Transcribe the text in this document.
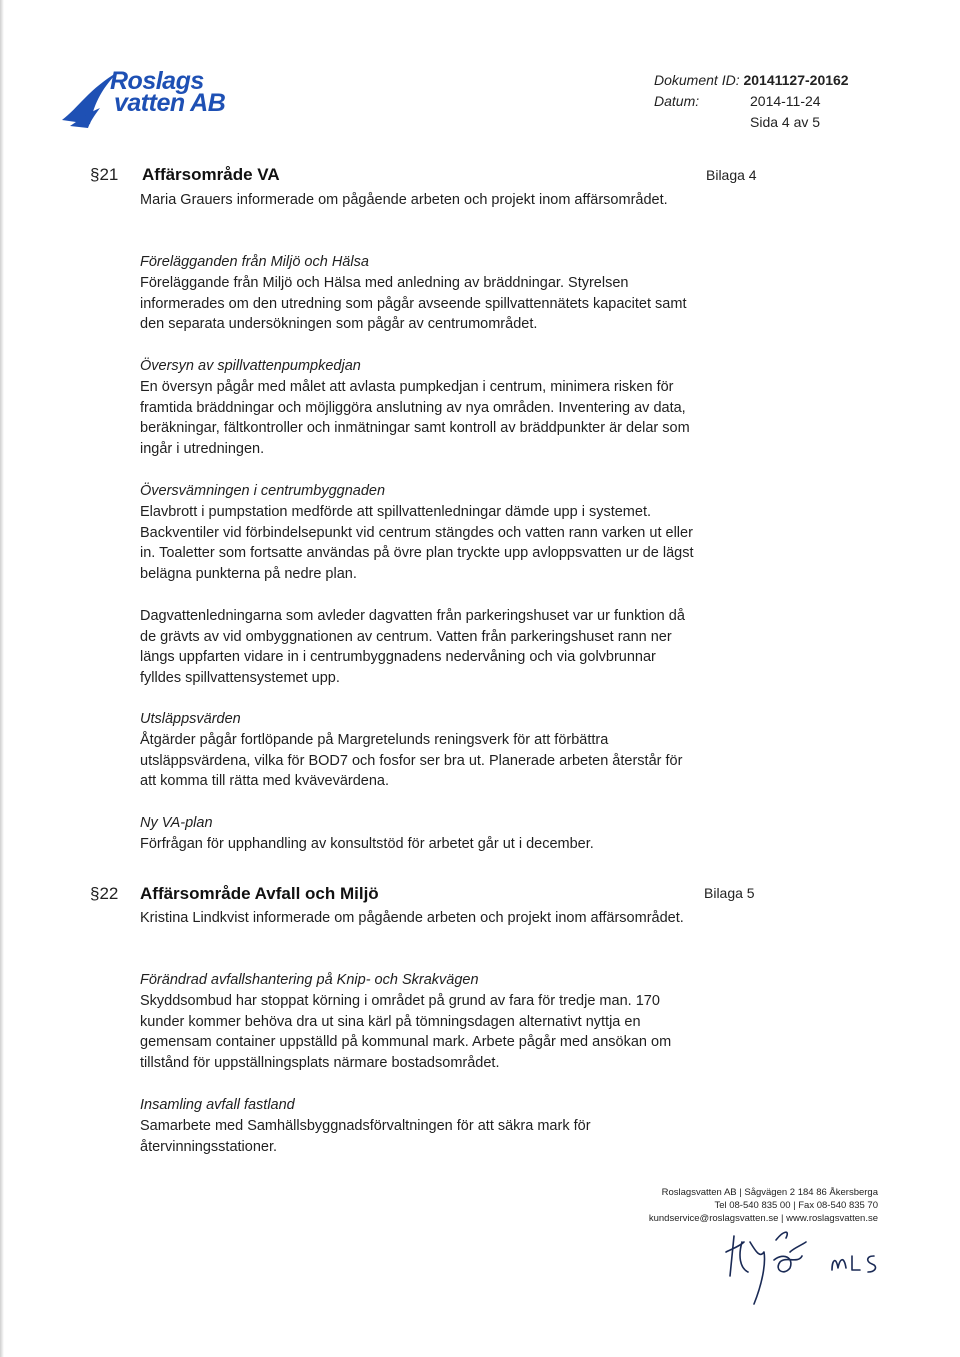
Roslags
vatten AB
Dokument ID: 20141127-20162
Datum:	2014-11-24
Sida 4 av 5
§21 Affärsområde VA	Bilaga 4

Maria Grauers informerade om pågående arbeten och projekt inom affärsområdet.

Förelägganden från Miljö och Hälsa

Föreläggande från Miljö och Hälsa med anledning av bräddningar. Styrelsen informerades om den utredning som pågår avseende spillvattennätets kapacitet samt den separata undersökningen som pågår av centrumområdet.

Översyn av spillvattenpumpkedjan

En översyn pågår med målet att avlasta pumpkedjan i centrum, minimera risken för framtida bräddningar och möjliggöra anslutning av nya områden. Inventering av data, beräkningar, fältkontroller och inmätningar samt kontroll av bräddpunkter är delar som ingår i utredningen.

Översvämningen i centrumbyggnaden

Elavbrott i pumpstation medförde att spillvattenledningar dämde upp i systemet. Backventiler vid förbindelsepunkt vid centrum stängdes och vatten rann varken ut eller in. Toaletter som fortsatte användas på övre plan tryckte upp avloppsvatten ur de lägst belägna punkterna på nedre plan.

Dagvattenledningarna som avleder dagvatten från parkeringshuset var ur funktion då de grävts av vid ombyggnationen av centrum. Vatten från parkeringshuset rann ner längs uppfarten vidare in i centrumbyggnadens nedervåning och via golvbrunnar fylldes spillvattensystemet upp.

Utsläppsvärden

Åtgärder pågår fortlöpande på Margretelunds reningsverk för att förbättra utsläppsvärdena, vilka för BOD7 och fosfor ser bra ut. Planerade arbeten återstår för att komma till rätta med kvävevärdena.

Ny VA-plan

Förfrågan för upphandling av konsultstöd för arbetet går ut i december.

§22 Affärsområde Avfall och Miljö	Bilaga 5

Kristina Lindkvist informerade om pågående arbeten och projekt inom affärsområdet.

Förändrad avfallshantering på Knip- och Skrakvägen

Skyddsombud har stoppat körning i området på grund av fara för tredje man. 170 kunder kommer behöva dra ut sina kärl på tömningsdagen alternativt nyttja en gemensam container uppställd på kommunal mark. Arbete pågår med ansökan om tillstånd för uppställningsplats närmare bostadsområdet.

Insamling avfall fastland

Samarbete med Samhällsbyggnadsförvaltningen för att säkra mark för återvinningsstationer.

Roslagsvatten AB | Sågvägen 2 184 86 Åkersberga
Tel 08-540 835 00 | Fax 08-540 835 70
kundservice@roslagsvatten.se | www.roslagsvatten.se
